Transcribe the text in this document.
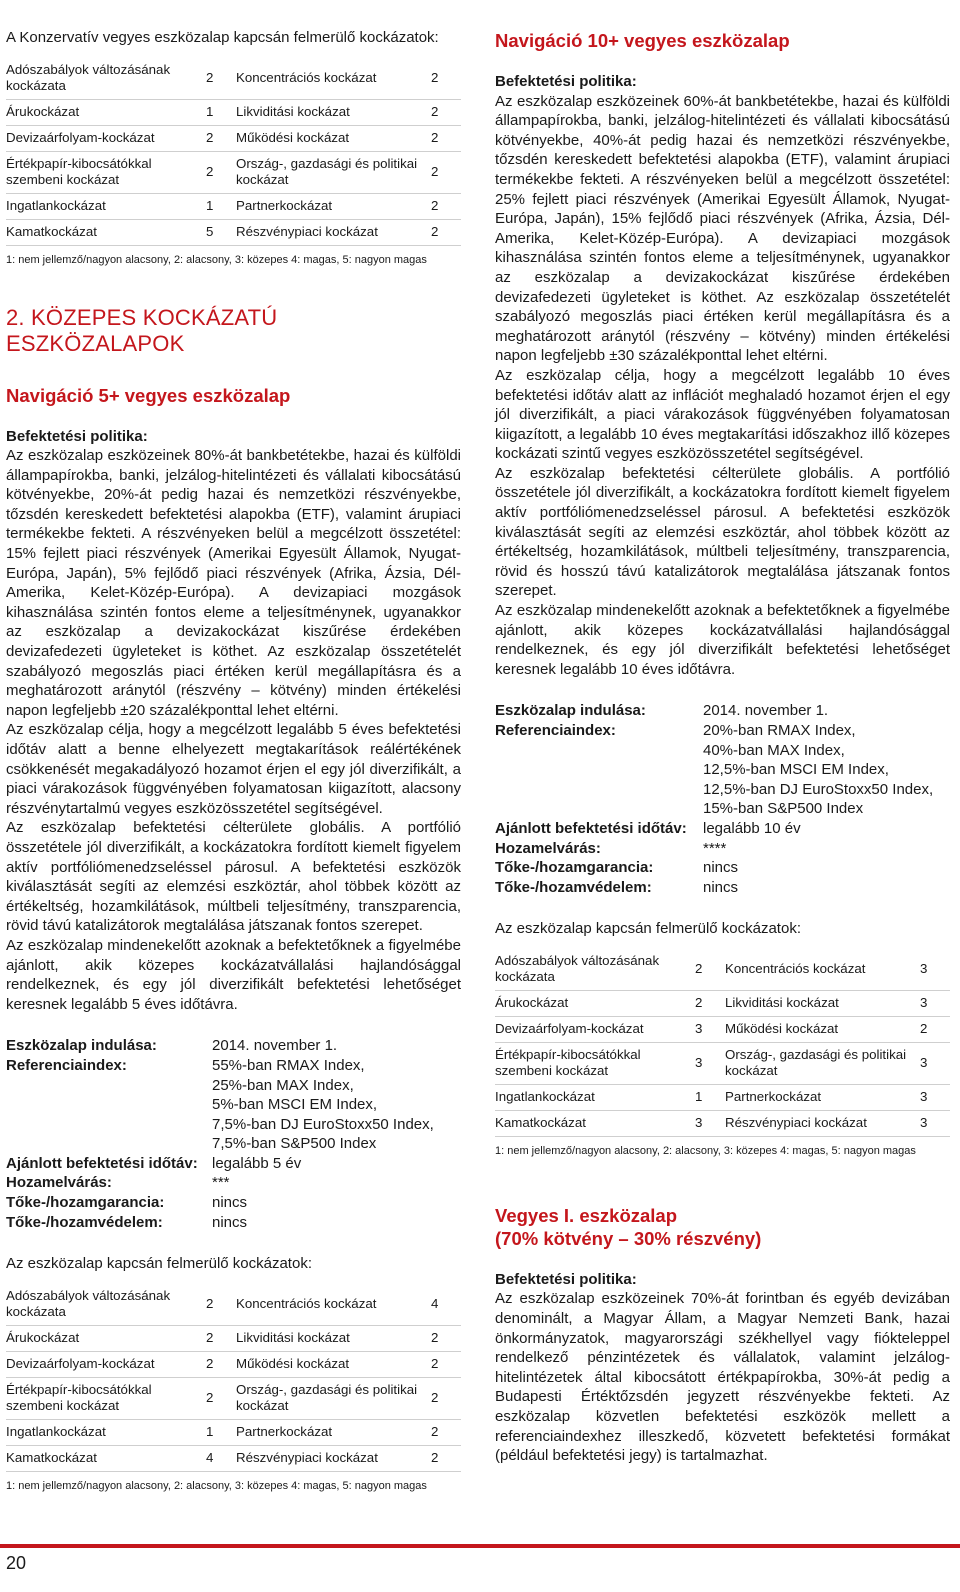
A Konzervatív vegyes eszközalap kapcsán felmerülő kockázatok:
Adószabályok változásának kockázata	2	Koncentrációs kockázat	2
Árukockázat	1	Likviditási kockázat	2
Devizaárfolyam-kockázat	2	Működési kockázat	2
Értékpapír-kibocsátókkal szembeni kockázat	2	Ország-, gazdasági és politikai kockázat	2
Ingatlankockázat	1	Partnerkockázat	2
Kamatkockázat	5	Részvénypiaci kockázat	2
1: nem jellemző/nagyon alacsony, 2: alacsony, 3: közepes 4: magas, 5: nagyon magas
2. KÖZEPES KOCKÁZATÚ ESZKÖZALAPOK
Navigáció 5+ vegyes eszközalap
Befektetési politika:

Az eszközalap eszközeinek 80%-át bankbetétekbe, hazai és külföldi állampapírokba, banki, jelzálog-hitelintézeti és vállalati kibocsátású kötvényekbe, 20%-át pedig hazai és nemzetközi részvényekbe, tőzsdén kereskedett befektetési alapokba (ETF), valamint árupiaci termékekbe fekteti. A részvényeken belül a megcélzott összetétel: 15% fejlett piaci részvények (Amerikai Egyesült Államok, Nyugat-Európa, Japán), 5% fejlődő piaci részvények (Afrika, Ázsia, Dél-Amerika, Kelet-Közép-Európa). A devizapiaci mozgások kihasználása szintén fontos eleme a teljesítménynek, ugyanakkor az eszközalap a devizakockázat kiszűrése érdekében devizafedezeti ügyleteket is köthet. Az eszközalap összetételét szabályozó megoszlás piaci értéken kerül megállapításra és a meghatározott aránytól (részvény – kötvény) minden értékelési napon legfeljebb ±20 százalékponttal lehet eltérni.

Az eszközalap célja, hogy a megcélzott legalább 5 éves befektetési időtáv alatt a benne elhelyezett megtakarítások reálértékének csökkenését megakadályozó hozamot érjen el egy jól diverzifikált, a piaci várakozások függvényében folyamatosan kiigazított, alacsony részvénytartalmú vegyes eszközösszetétel segítségével.

Az eszközalap befektetési célterülete globális. A portfólió összetétele jól diverzifikált, a kockázatokra fordított kiemelt figyelem aktív portfóliómenedzseléssel párosul. A befektetési eszközök kiválasztását segíti az elemzési eszköztár, ahol többek között az értékeltség, hozamkilátások, múltbeli teljesítmény, transzparencia, rövid távú katalizátorok megtalálása játszanak fontos szerepet.

Az eszközalap mindenekelőtt azoknak a befektetőknek a figyelmébe ajánlott, akik közepes kockázatvállalási hajlandósággal rendelkeznek, és egy jól diverzifikált befektetési lehetőséget keresnek legalább 5 éves időtávra.

Eszközalap indulása:	2014. november 1.
Referenciaindex:	55%-ban RMAX Index,
25%-ban MAX Index,
5%-ban MSCI EM Index,
7,5%-ban DJ EuroStoxx50 Index,
7,5%-ban S&P500 Index
Ajánlott befektetési időtáv:	legalább 5 év
Hozamelvárás:	***
Tőke-/hozamgarancia:	nincs
Tőke-/hozamvédelem:	nincs
Az eszközalap kapcsán felmerülő kockázatok:
Adószabályok változásának kockázata	2	Koncentrációs kockázat	4
Árukockázat	2	Likviditási kockázat	2
Devizaárfolyam-kockázat	2	Működési kockázat	2
Értékpapír-kibocsátókkal szembeni kockázat	2	Ország-, gazdasági és politikai kockázat	2
Ingatlankockázat	1	Partnerkockázat	2
Kamatkockázat	4	Részvénypiaci kockázat	2
1: nem jellemző/nagyon alacsony, 2: alacsony, 3: közepes 4: magas, 5: nagyon magas
Navigáció 10+ vegyes eszközalap
Befektetési politika:

Az eszközalap eszközeinek 60%-át bankbetétekbe, hazai és külföldi állampapírokba, banki, jelzálog-hitelintézeti és vállalati kibocsátású kötvényekbe, 40%-át pedig hazai és nemzetközi részvényekbe, tőzsdén kereskedett befektetési alapokba (ETF), valamint árupiaci termékekbe fekteti. A részvényeken belül a megcélzott összetétel: 25% fejlett piaci részvények (Amerikai Egyesült Államok, Nyugat-Európa, Japán), 15% fejlődő piaci részvények (Afrika, Ázsia, Dél-Amerika, Kelet-Közép-Európa). A devizapiaci mozgások kihasználása szintén fontos eleme a teljesítménynek, ugyanakkor az eszközalap a devizakockázat kiszűrése érdekében devizafedezeti ügyleteket is köthet. Az eszközalap összetételét szabályozó megoszlás piaci értéken kerül megállapításra és a meghatározott aránytól (részvény – kötvény) minden értékelési napon legfeljebb ±30 százalékponttal lehet eltérni.

Az eszközalap célja, hogy a megcélzott legalább 10 éves befektetési időtáv alatt az inflációt meghaladó hozamot érjen el egy jól diverzifikált, a piaci várakozások függvényében folyamatosan kiigazított, a legalább 10 éves megtakarítási időszakhoz illő közepes kockázati szintű vegyes eszközösszetétel segítségével.

Az eszközalap befektetési célterülete globális. A portfólió összetétele jól diverzifikált, a kockázatokra fordított kiemelt figyelem aktív portfóliómenedzseléssel párosul. A befektetési eszközök kiválasztását segíti az elemzési eszköztár, ahol többek között az értékeltség, hozamkilátások, múltbeli teljesítmény, transzparencia, rövid és hosszú távú katalizátorok megtalálása játszanak fontos szerepet.

Az eszközalap mindenekelőtt azoknak a befektetőknek a figyelmébe ajánlott, akik közepes kockázatvállalási hajlandósággal rendelkeznek, és egy jól diverzifikált befektetési lehetőséget keresnek legalább 10 éves időtávra.

Eszközalap indulása:	2014. november 1.
Referenciaindex:	20%-ban RMAX Index,
40%-ban MAX Index,
12,5%-ban MSCI EM Index,
12,5%-ban DJ EuroStoxx50 Index,
15%-ban S&P500 Index
Ajánlott befektetési időtáv:	legalább 10 év
Hozamelvárás:	****
Tőke-/hozamgarancia:	nincs
Tőke-/hozamvédelem:	nincs
Az eszközalap kapcsán felmerülő kockázatok:
Adószabályok változásának kockázata	2	Koncentrációs kockázat	3
Árukockázat	2	Likviditási kockázat	3
Devizaárfolyam-kockázat	3	Működési kockázat	2
Értékpapír-kibocsátókkal szembeni kockázat	3	Ország-, gazdasági és politikai kockázat	3
Ingatlankockázat	1	Partnerkockázat	3
Kamatkockázat	3	Részvénypiaci kockázat	3
1: nem jellemző/nagyon alacsony, 2: alacsony, 3: közepes 4: magas, 5: nagyon magas
Vegyes I. eszközalap
(70% kötvény – 30% részvény)
Befektetési politika:

Az eszközalap eszközeinek 70%-át forintban és egyéb devizában denominált, a Magyar Állam, a Magyar Nemzeti Bank, hazai önkormányzatok, magyarországi székhellyel vagy fiókteleppel rendelkező pénzintézetek és vállalatok, valamint jelzálog-hitelintézetek által kibocsátott értékpapírokba, 30%-át pedig a Budapesti Értéktőzsdén jegyzett részvényekbe fekteti. Az eszközalap közvetlen befektetési eszközök mellett a referenciaindexhez illeszkedő, közvetett befektetési formákat (például befektetési jegy) is tartalmazhat.

20
